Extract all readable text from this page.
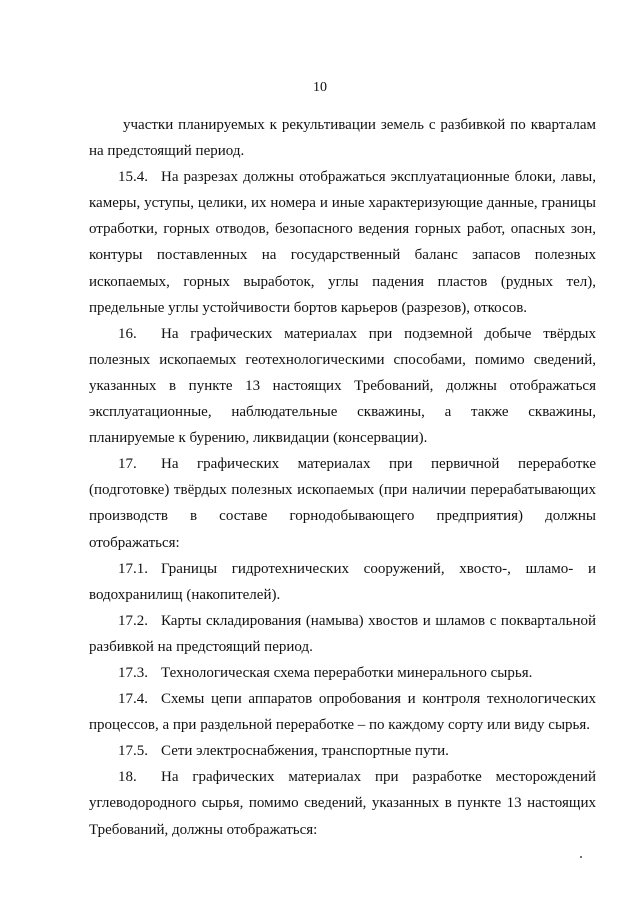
10

участки планируемых к рекультивации земель с разбивкой по кварталам на предстоящий период.

15.4. На разрезах должны отображаться эксплуатационные блоки, лавы, камеры, уступы, целики, их номера и иные характеризующие данные, границы отработки, горных отводов, безопасного ведения горных работ, опасных зон, контуры поставленных на государственный баланс запасов полезных ископаемых, горных выработок, углы падения пластов (рудных тел), предельные углы устойчивости бортов карьеров (разрезов), откосов.

16. На графических материалах при подземной добыче твёрдых полезных ископаемых геотехнологическими способами, помимо сведений, указанных в пункте 13 настоящих Требований, должны отображаться эксплуатационные, наблюдательные скважины, а также скважины, планируемые к бурению, ликвидации (консервации).

17. На графических материалах при первичной переработке (подготовке) твёрдых полезных ископаемых (при наличии перерабатывающих производств в составе горнодобывающего предприятия) должны отображаться:

17.1. Границы гидротехнических сооружений, хвосто-, шламо- и водохранилищ (накопителей).

17.2. Карты складирования (намыва) хвостов и шламов с поквартальной разбивкой на предстоящий период.

17.3. Технологическая схема переработки минерального сырья.

17.4. Схемы цепи аппаратов опробования и контроля технологических процессов, а при раздельной переработке – по каждому сорту или виду сырья.

17.5. Сети электроснабжения, транспортные пути.

18. На графических материалах при разработке месторождений углеводородного сырья, помимо сведений, указанных в пункте 13 настоящих Требований, должны отображаться:
